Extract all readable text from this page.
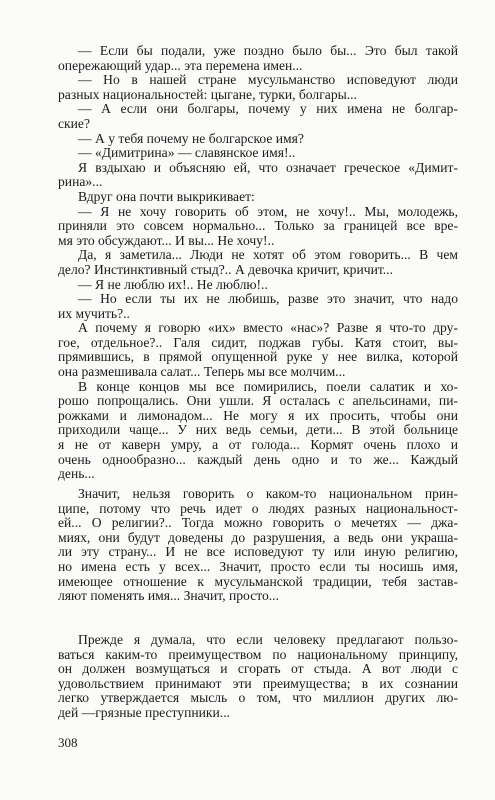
— Если бы подали, уже поздно было бы... Это был такой
опережающий удар... эта перемена имен...
— Но в нашей стране мусульманство исповедуют люди
разных национальностей: цыгане, турки, болгары...
— А если они болгары, почему у них имена не болгар-
ские?
— А у тебя почему не болгарское имя?
— «Димитрина» — славянское имя!..
Я вздыхаю и объясняю ей, что означает греческое «Димит-
рина»...
Вдруг она почти выкрикивает:
— Я не хочу говорить об этом, не хочу!.. Мы, молодежь,
приняли это совсем нормально... Только за границей все вре-
мя это обсуждают... И вы... Не хочу!..
Да, я заметила... Люди не хотят об этом говорить... В чем
дело? Инстинктивный стыд?.. А девочка кричит, кричит...
— Я не люблю их!.. Не люблю!..
— Но если ты их не любишь, разве это значит, что надо
их мучить?..
А почему я говорю «их» вместо «нас»? Разве я что-то дру-
гое, отдельное?.. Галя сидит, поджав губы. Катя стоит, вы-
прямившись, в прямой опущенной руке у нее вилка, которой
она размешивала салат... Теперь мы все молчим...
В конце концов мы все помирились, поели салатик и хо-
рошо попрощались. Они ушли. Я осталась с апельсинами, пи-
рожками и лимонадом... Не могу я их просить, чтобы они
приходили чаще... У них ведь семьи, дети... В этой больнице
я не от каверн умру, а от голода... Кормят очень плохо и
очень однообразно... каждый день одно и то же... Каждый
день...
Значит, нельзя говорить о каком-то национальном прин-
ципе, потому что речь идет о людях разных национальност-
ей... О религии?.. Тогда можно говорить о мечетях — джа-
миях, они будут доведены до разрушения, а ведь они украша-
ли эту страну... И не все исповедуют ту или иную религию,
но имена есть у всех... Значит, просто если ты носишь имя,
имеющее отношение к мусульманской традиции, тебя застав-
ляют поменять имя... Значит, просто...
Прежде я думала, что если человеку предлагают пользо-
ваться каким-то преимуществом по национальному принципу,
он должен возмущаться и сгорать от стыда. А вот люди с
удовольствием принимают эти преимущества; в их сознании
легко утверждается мысль о том, что миллион других лю-
дей —грязные преступники...
308
